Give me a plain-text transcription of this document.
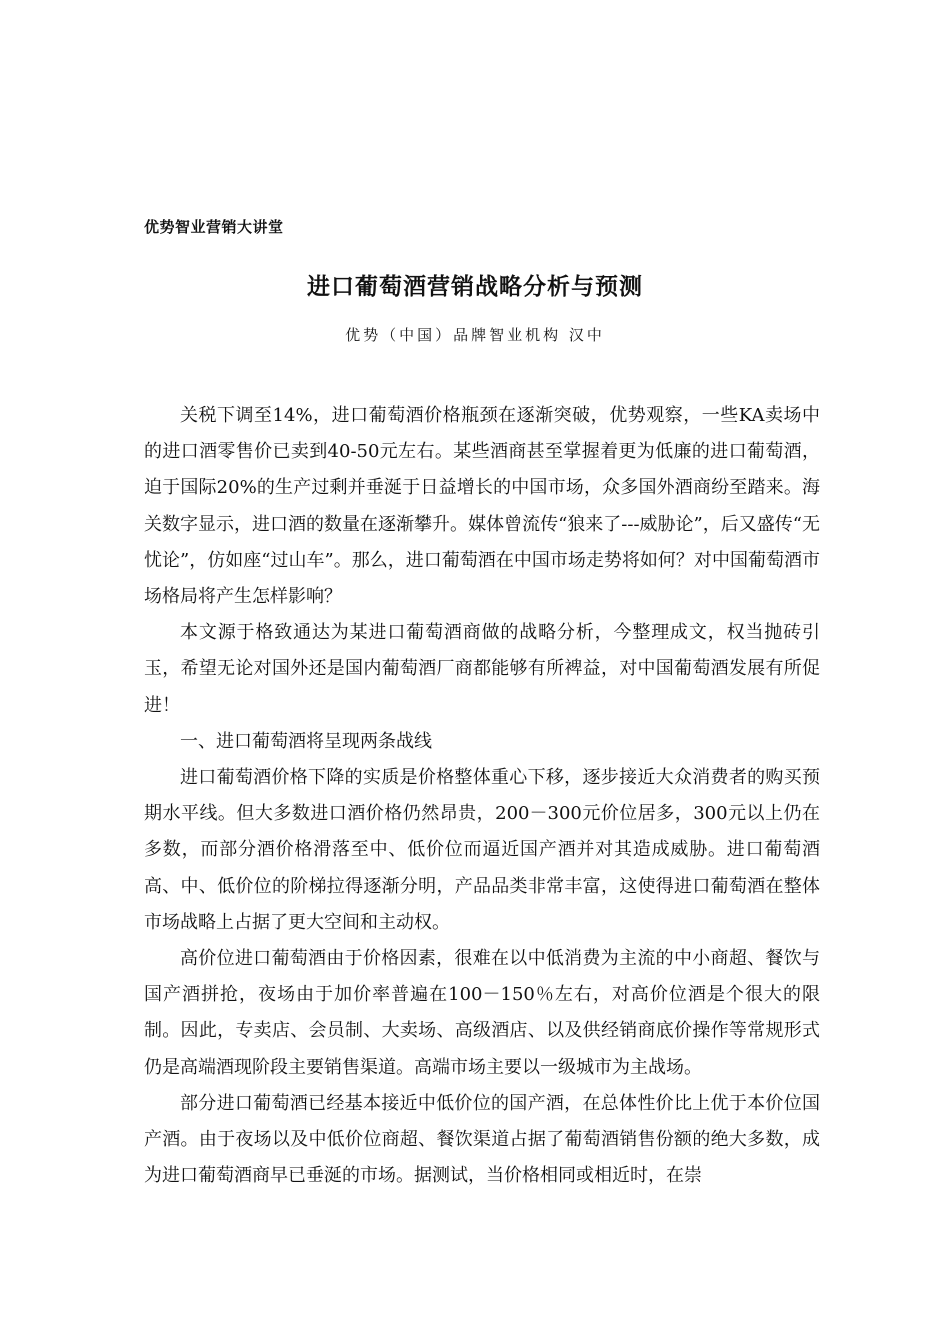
优势智业营销大讲堂
进口葡萄酒营销战略分析与预测
优势（中国）品牌智业机构 汉中

关税下调至14%，进口葡萄酒价格瓶颈在逐渐突破，优势观察，一些KA卖场中的进口酒零售价已卖到40-50元左右。某些酒商甚至掌握着更为低廉的进口葡萄酒，迫于国际20%的生产过剩并垂涎于日益增长的中国市场，众多国外酒商纷至踏来。海关数字显示，进口酒的数量在逐渐攀升。媒体曾流传“狼来了---威胁论”，后又盛传“无忧论”，仿如座“过山车”。那么，进口葡萄酒在中国市场走势将如何？对中国葡萄酒市场格局将产生怎样影响？

本文源于格致通达为某进口葡萄酒商做的战略分析，今整理成文，权当抛砖引玉，希望无论对国外还是国内葡萄酒厂商都能够有所裨益，对中国葡萄酒发展有所促进！

一、进口葡萄酒将呈现两条战线

进口葡萄酒价格下降的实质是价格整体重心下移，逐步接近大众消费者的购买预期水平线。但大多数进口酒价格仍然昂贵，200－300元价位居多，300元以上仍在多数，而部分酒价格滑落至中、低价位而逼近国产酒并对其造成威胁。进口葡萄酒高、中、低价位的阶梯拉得逐渐分明，产品品类非常丰富，这使得进口葡萄酒在整体市场战略上占据了更大空间和主动权。

高价位进口葡萄酒由于价格因素，很难在以中低消费为主流的中小商超、餐饮与国产酒拼抢，夜场由于加价率普遍在100－150％左右，对高价位酒是个很大的限制。因此，专卖店、会员制、大卖场、高级酒店、以及供经销商底价操作等常规形式仍是高端酒现阶段主要销售渠道。高端市场主要以一级城市为主战场。

部分进口葡萄酒已经基本接近中低价位的国产酒，在总体性价比上优于本价位国产酒。由于夜场以及中低价位商超、餐饮渠道占据了葡萄酒销售份额的绝大多数，成为进口葡萄酒商早已垂涎的市场。据测试，当价格相同或相近时，在崇
